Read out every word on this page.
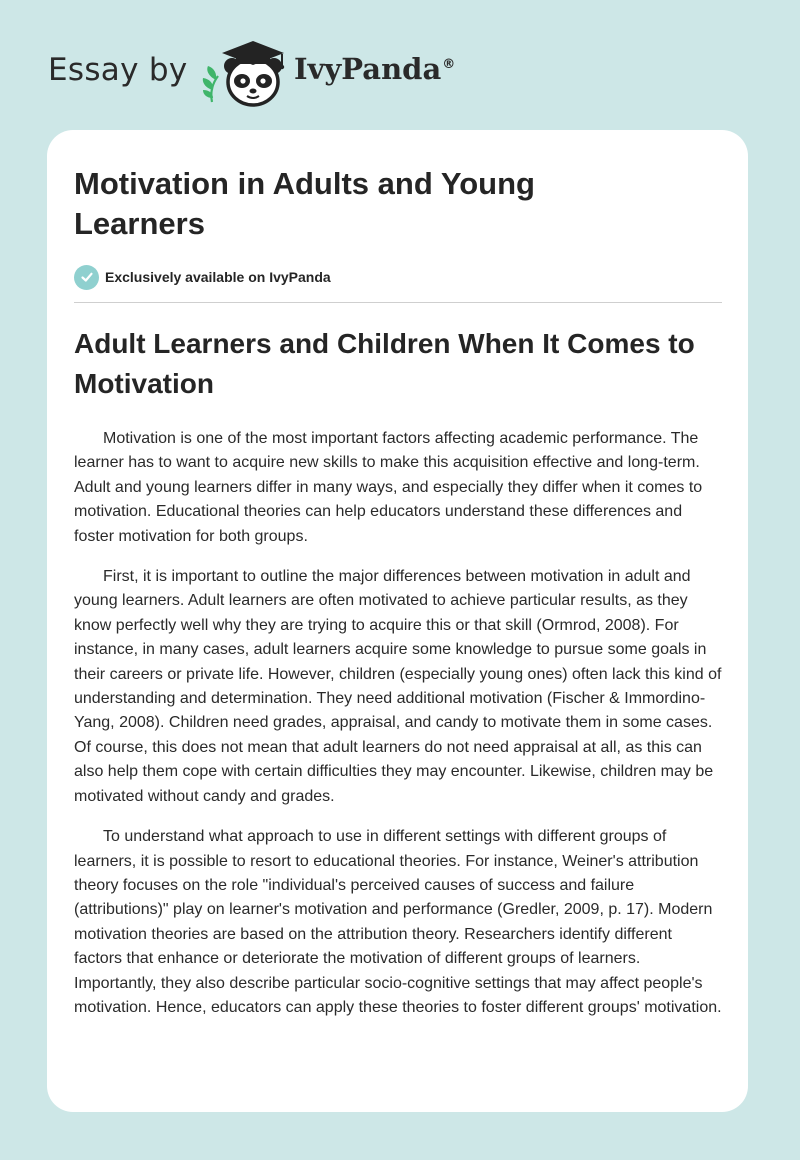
Essay by	IvyPanda®
Motivation in Adults and Young Learners
Exclusively available on IvyPanda
Adult Learners and Children When It Comes to Motivation

Motivation is one of the most important factors affecting academic performance. The learner has to want to acquire new skills to make this acquisition effective and long-term. Adult and young learners differ in many ways, and especially they differ when it comes to motivation. Educational theories can help educators understand these differences and foster motivation for both groups.

First, it is important to outline the major differences between motivation in adult and young learners. Adult learners are often motivated to achieve particular results, as they know perfectly well why they are trying to acquire this or that skill (Ormrod, 2008). For instance, in many cases, adult learners acquire some knowledge to pursue some goals in their careers or private life. However, children (especially young ones) often lack this kind of understanding and determination. They need additional motivation (Fischer & Immordino-Yang, 2008). Children need grades, appraisal, and candy to motivate them in some cases. Of course, this does not mean that adult learners do not need appraisal at all, as this can also help them cope with certain difficulties they may encounter. Likewise, children may be motivated without candy and grades.

To understand what approach to use in different settings with different groups of learners, it is possible to resort to educational theories. For instance, Weiner's attribution theory focuses on the role "individual's perceived causes of success and failure (attributions)" play on learner's motivation and performance (Gredler, 2009, p. 17). Modern motivation theories are based on the attribution theory. Researchers identify different factors that enhance or deteriorate the motivation of different groups of learners. Importantly, they also describe particular socio-cognitive settings that may affect people's motivation. Hence, educators can apply these theories to foster different groups' motivation.
